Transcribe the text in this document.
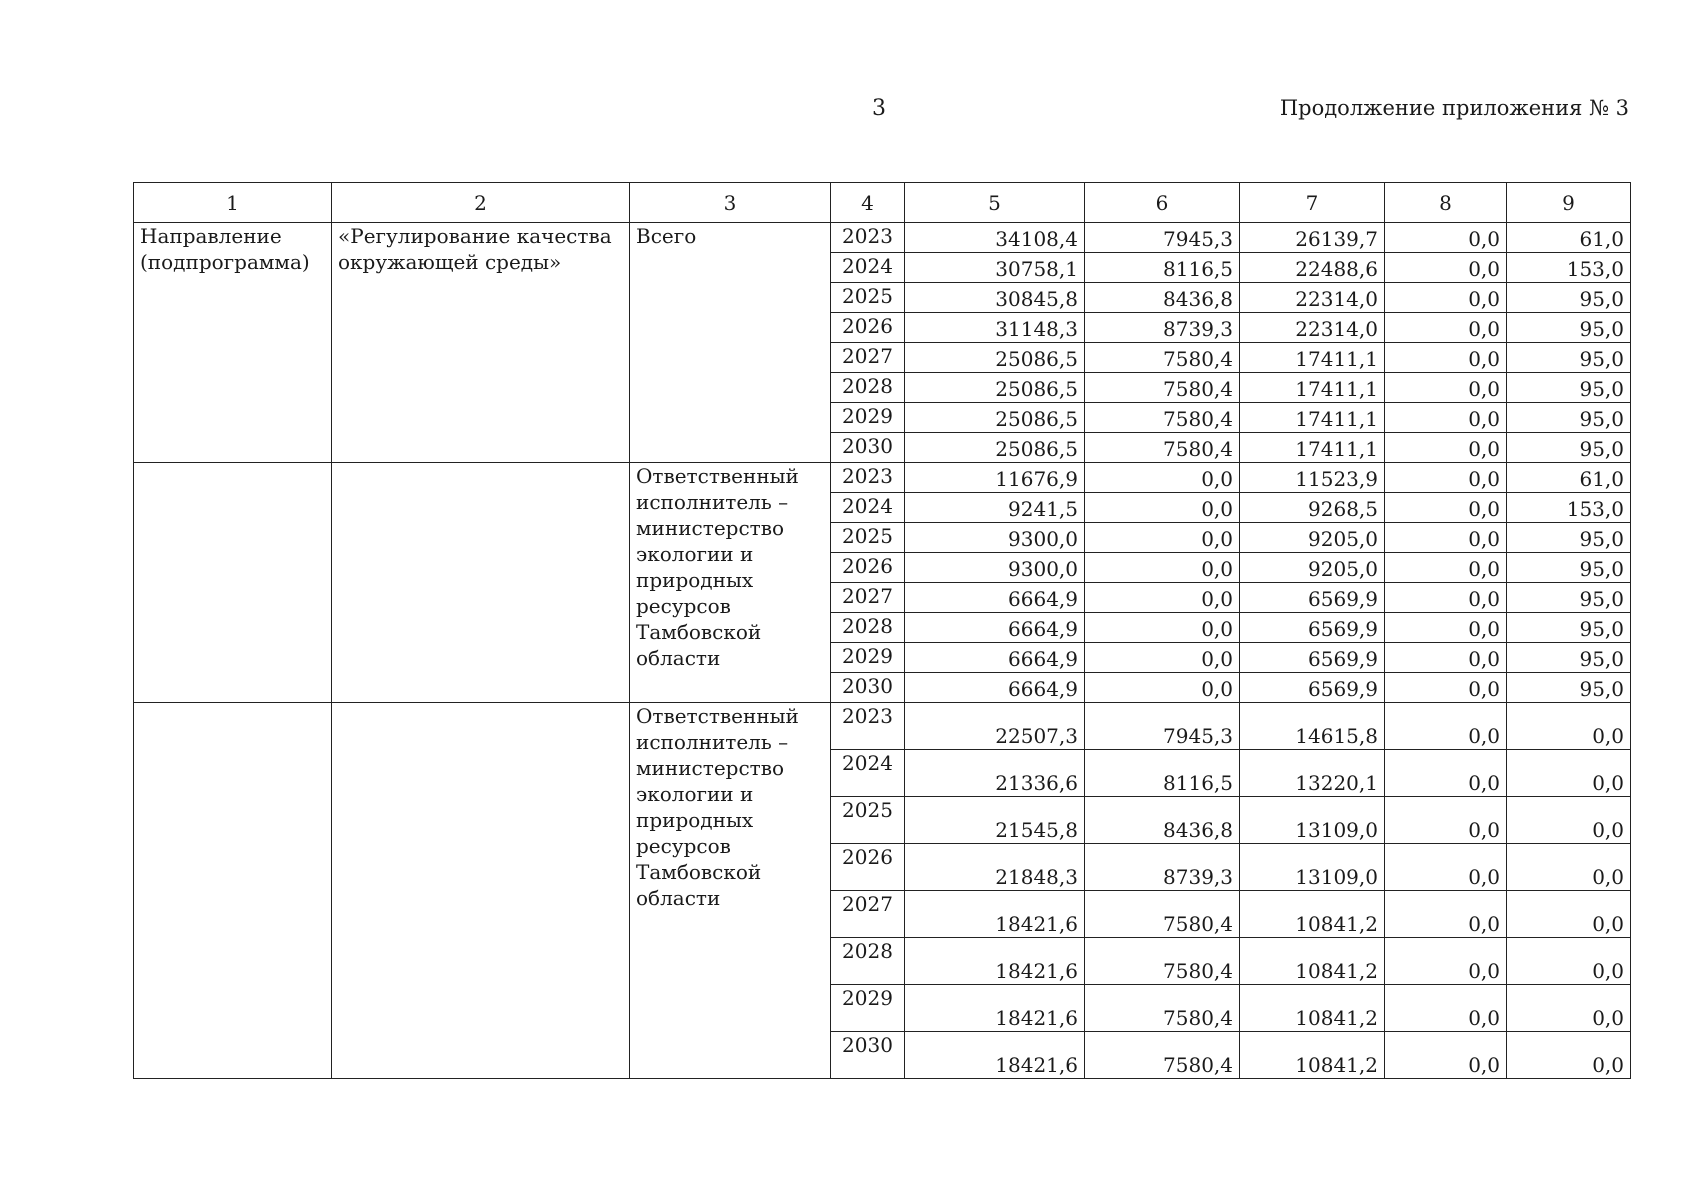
3	Продолжение приложения № 3
1	2	3	4	5	6	7	8	9
Направление (подпрограмма)	«Регулирование качества окружающей среды»	Всего	2023	34108,4	7945,3	26139,7	0,0	61,0
			2024	30758,1	8116,5	22488,6	0,0	153,0
			2025	30845,8	8436,8	22314,0	0,0	95,0
			2026	31148,3	8739,3	22314,0	0,0	95,0
			2027	25086,5	7580,4	17411,1	0,0	95,0
			2028	25086,5	7580,4	17411,1	0,0	95,0
			2029	25086,5	7580,4	17411,1	0,0	95,0
			2030	25086,5	7580,4	17411,1	0,0	95,0
		Ответственный исполнитель – министерство экологии и природных ресурсов Тамбовской области	2023	11676,9	0,0	11523,9	0,0	61,0
			2024	9241,5	0,0	9268,5	0,0	153,0
			2025	9300,0	0,0	9205,0	0,0	95,0
			2026	9300,0	0,0	9205,0	0,0	95,0
			2027	6664,9	0,0	6569,9	0,0	95,0
			2028	6664,9	0,0	6569,9	0,0	95,0
			2029	6664,9	0,0	6569,9	0,0	95,0
			2030	6664,9	0,0	6569,9	0,0	95,0
		Ответственный исполнитель – министерство экологии и природных ресурсов Тамбовской области	2023	22507,3	7945,3	14615,8	0,0	0,0
			2024	21336,6	8116,5	13220,1	0,0	0,0
			2025	21545,8	8436,8	13109,0	0,0	0,0
			2026	21848,3	8739,3	13109,0	0,0	0,0
			2027	18421,6	7580,4	10841,2	0,0	0,0
			2028	18421,6	7580,4	10841,2	0,0	0,0
			2029	18421,6	7580,4	10841,2	0,0	0,0
			2030	18421,6	7580,4	10841,2	0,0	0,0
